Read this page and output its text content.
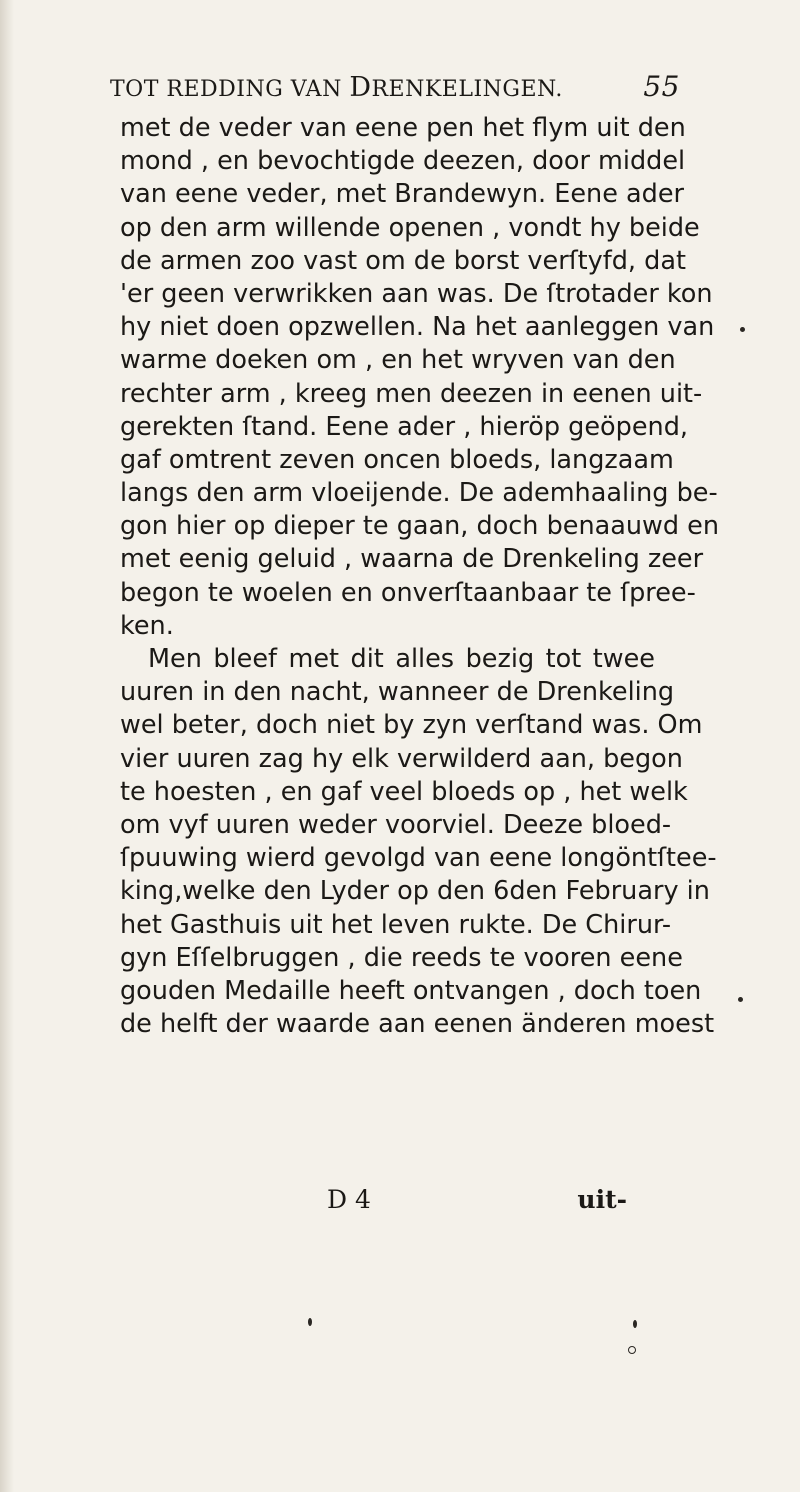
TOT REDDING VAN DRENKELINGEN.	55
met de veder van eene pen het flym uit den
mond , en bevochtigde deezen, door middel
van eene veder, met Brandewyn. Eene ader
op den arm willende openen , vondt hy beide
de armen zoo vast om de borst verſtyfd, dat
'er geen verwrikken aan was. De ſtrotader kon
hy niet doen opzwellen. Na het aanleggen van
warme doeken om , en het wryven van den
rechter arm , kreeg men deezen in eenen uit-
gerekten ſtand. Eene ader , hieröp geöpend,
gaf omtrent zeven oncen bloeds, langzaam
langs den arm vloeijende. De ademhaaling be-
gon hier op dieper te gaan, doch benaauwd en
met eenig geluid , waarna de Drenkeling zeer
begon te woelen en onverſtaanbaar te ſpree-
ken.
Men bleef met dit alles bezig tot twee
uuren in den nacht, wanneer de Drenkeling
wel beter, doch niet by zyn verſtand was. Om
vier uuren zag hy elk verwilderd aan, begon
te hoesten , en gaf veel bloeds op , het welk
om vyf uuren weder voorviel. Deeze bloed-
ſpuuwing wierd gevolgd van eene longöntſtee-
king,welke den Lyder op den 6den February in
het Gasthuis uit het leven rukte. De Chirur-
gyn Eſſelbruggen , die reeds te vooren eene
gouden Medaille heeft ontvangen , doch toen
de helft der waarde aan eenen änderen moest
D 4	uit-
